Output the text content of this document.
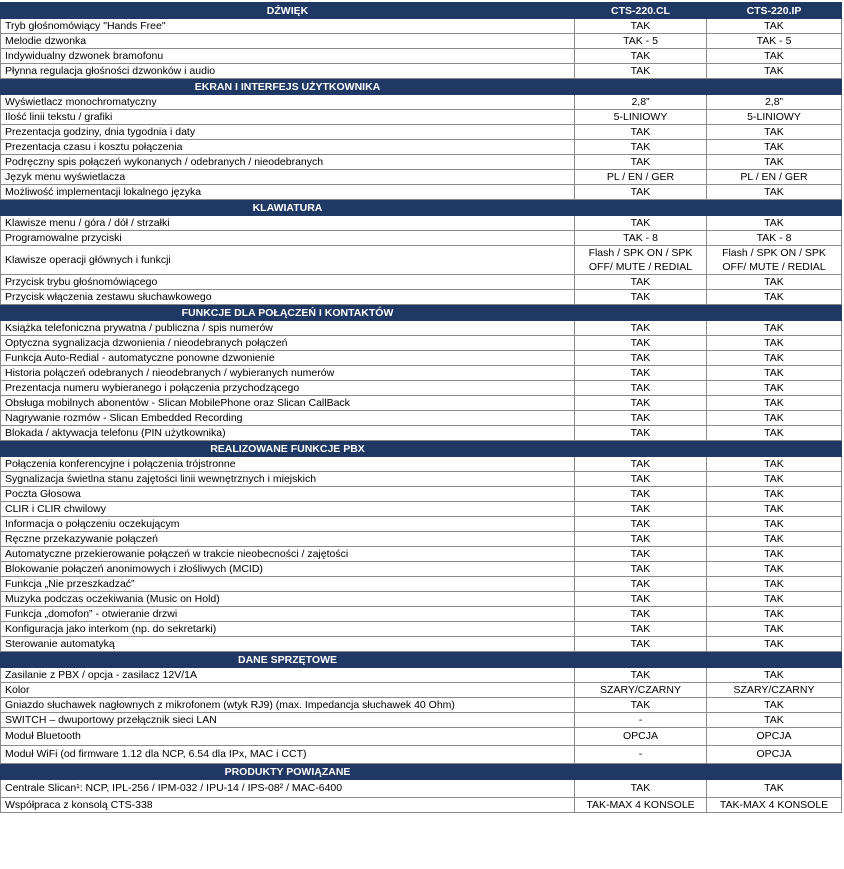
DŹWIĘK	CTS-220.CL	CTS-220.IP
Tryb głośnomówiący "Hands Free"	TAK	TAK
Melodie dzwonka	TAK - 5	TAK - 5
Indywidualny dzwonek bramofonu	TAK	TAK
Płynna regulacja głośności dzwonków i audio	TAK	TAK
EKRAN I INTERFEJS UŻYTKOWNIKA		
Wyświetlacz monochromatyczny	2,8”	2,8”
Ilość linii tekstu / grafiki	5-LINIOWY	5-LINIOWY
Prezentacja godziny, dnia tygodnia i daty	TAK	TAK
Prezentacja czasu i kosztu połączenia	TAK	TAK
Podręczny spis połączeń wykonanych / odebranych / nieodebranych	TAK	TAK
Język menu wyświetlacza	PL / EN / GER	PL / EN / GER
Możliwość implementacji lokalnego języka	TAK	TAK
KLAWIATURA		
Klawisze menu / góra / dół / strzałki	TAK	TAK
Programowalne przyciski	TAK - 8	TAK - 8
Klawisze operacji głównych i funkcji	Flash / SPK ON / SPK OFF/ MUTE / REDIAL	Flash / SPK ON / SPK OFF/ MUTE / REDIAL
Przycisk trybu głośnomówiącego	TAK	TAK
Przycisk włączenia zestawu słuchawkowego	TAK	TAK
FUNKCJE DLA POŁĄCZEŃ I KONTAKTÓW		
Książka telefoniczna prywatna / publiczna / spis numerów	TAK	TAK
Optyczna sygnalizacja dzwonienia / nieodebranych połączeń	TAK	TAK
Funkcja Auto-Redial - automatyczne ponowne dzwonienie	TAK	TAK
Historia połączeń odebranych / nieodebranych / wybieranych numerów	TAK	TAK
Prezentacja numeru wybieranego i połączenia przychodzącego	TAK	TAK
Obsługa mobilnych abonentów - Slican MobilePhone oraz Slican CallBack	TAK	TAK
Nagrywanie rozmów - Slican Embedded Recording	TAK	TAK
Blokada / aktywacja telefonu (PIN użytkownika)	TAK	TAK
REALIZOWANE FUNKCJE PBX		
Połączenia konferencyjne i połączenia trójstronne	TAK	TAK
Sygnalizacja świetlna stanu zajętości linii wewnętrznych i miejskich	TAK	TAK
Poczta Głosowa	TAK	TAK
CLIR i CLIR chwilowy	TAK	TAK
Informacja o połączeniu oczekującym	TAK	TAK
Ręczne przekazywanie połączeń	TAK	TAK
Automatyczne przekierowanie połączeń w trakcie nieobecności / zajętości	TAK	TAK
Blokowanie połączeń anonimowych i złośliwych (MCID)	TAK	TAK
Funkcja „Nie przeszkadzać”	TAK	TAK
Muzyka podczas oczekiwania (Music on Hold)	TAK	TAK
Funkcja „domofon” - otwieranie drzwi	TAK	TAK
Konfiguracja jako interkom (np. do sekretarki)	TAK	TAK
Sterowanie automatyką	TAK	TAK
DANE SPRZĘTOWE		
Zasilanie z PBX / opcja - zasilacz 12V/1A	TAK	TAK
Kolor	SZARY/CZARNY	SZARY/CZARNY
Gniazdo słuchawek nagłownych z mikrofonem (wtyk RJ9) (max. Impedancja słuchawek 40 Ohm)	TAK	TAK
SWITCH – dwuportowy przełącznik sieci LAN	-	TAK
Moduł Bluetooth	OPCJA	OPCJA
Moduł WiFi (od firmware 1.12 dla NCP, 6.54 dla IPx, MAC i CCT)	-	OPCJA
PRODUKTY POWIĄZANE		
Centrale Slican¹: NCP, IPL-256 / IPM-032 / IPU-14 / IPS-08² / MAC-6400	TAK	TAK
Współpraca z konsolą CTS-338	TAK-MAX 4 KONSOLE	TAK-MAX 4 KONSOLE
